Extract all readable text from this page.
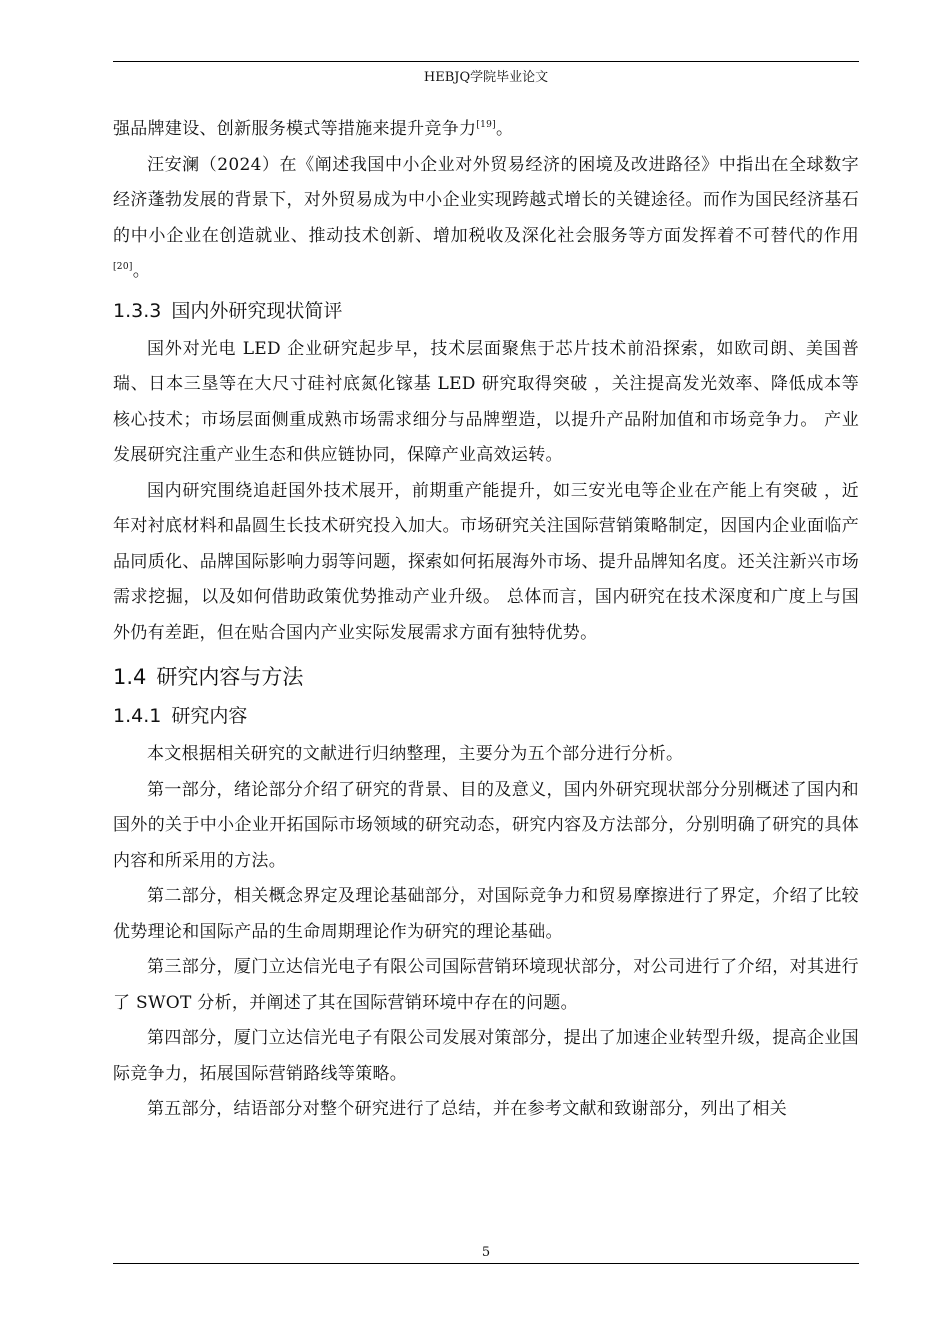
HEBJQ学院毕业论文

强品牌建设、创新服务模式等措施来提升竞争力[19]。

汪安澜（2024）在《阐述我国中小企业对外贸易经济的困境及改进路径》中指出在全球数字经济蓬勃发展的背景下，对外贸易成为中小企业实现跨越式增长的关键途径。而作为国民经济基石的中小企业在创造就业、推动技术创新、增加税收及深化社会服务等方面发挥着不可替代的作用[20]。

1.3.3 国内外研究现状简评

国外对光电 LED 企业研究起步早，技术层面聚焦于芯片技术前沿探索，如欧司朗、美国普瑞、日本三垦等在大尺寸硅衬底氮化镓基 LED 研究取得突破 ，关注提高发光效率、降低成本等核心技术；市场层面侧重成熟市场需求细分与品牌塑造，以提升产品附加值和市场竞争力。 产业发展研究注重产业生态和供应链协同，保障产业高效运转。

国内研究围绕追赶国外技术展开，前期重产能提升，如三安光电等企业在产能上有突破 ，近年对衬底材料和晶圆生长技术研究投入加大。市场研究关注国际营销策略制定，因国内企业面临产品同质化、品牌国际影响力弱等问题，探索如何拓展海外市场、提升品牌知名度。还关注新兴市场需求挖掘，以及如何借助政策优势推动产业升级。 总体而言，国内研究在技术深度和广度上与国外仍有差距，但在贴合国内产业实际发展需求方面有独特优势。

1.4 研究内容与方法
1.4.1 研究内容

本文根据相关研究的文献进行归纳整理，主要分为五个部分进行分析。

第一部分，绪论部分介绍了研究的背景、目的及意义，国内外研究现状部分分别概述了国内和国外的关于中小企业开拓国际市场领域的研究动态，研究内容及方法部分，分别明确了研究的具体内容和所采用的方法。

第二部分，相关概念界定及理论基础部分，对国际竞争力和贸易摩擦进行了界定，介绍了比较优势理论和国际产品的生命周期理论作为研究的理论基础。

第三部分，厦门立达信光电子有限公司国际营销环境现状部分，对公司进行了介绍，对其进行了 SWOT 分析，并阐述了其在国际营销环境中存在的问题。

第四部分，厦门立达信光电子有限公司发展对策部分，提出了加速企业转型升级，提高企业国际竞争力，拓展国际营销路线等策略。

第五部分，结语部分对整个研究进行了总结，并在参考文献和致谢部分，列出了相关

5
